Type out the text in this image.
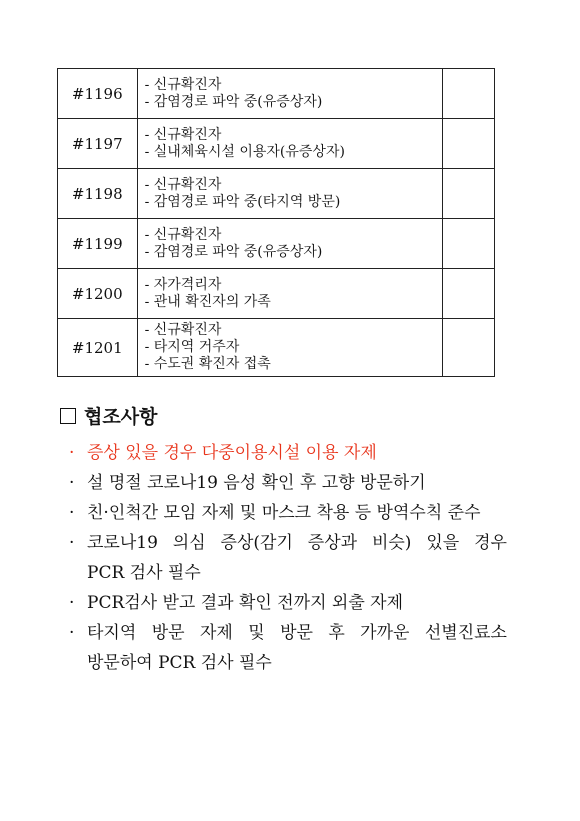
#1196	- 신규확진자
- 감염경로 파악 중(유증상자)	

#1197	- 신규확진자
- 실내체육시설 이용자(유증상자)	

#1198	- 신규확진자
- 감염경로 파악 중(타지역 방문)	

#1199	- 신규확진자
- 감염경로 파악 중(유증상자)	

#1200	- 자가격리자
- 관내 확진자의 가족	

#1201	- 신규확진자
- 타지역 거주자
- 수도권 확진자 접촉	

협조사항
· 증상 있을 경우 다중이용시설 이용 자제
· 설 명절 코로나19 음성 확인 후 고향 방문하기
· 친·인척간 모임 자제 및 마스크 착용 등 방역수칙 준수
· 코로나19 의심 증상(감기 증상과 비슷) 있을 경우
PCR 검사 필수
· PCR검사 받고 결과 확인 전까지 외출 자제
· 타지역 방문 자제 및 방문 후 가까운 선별진료소
방문하여 PCR 검사 필수
